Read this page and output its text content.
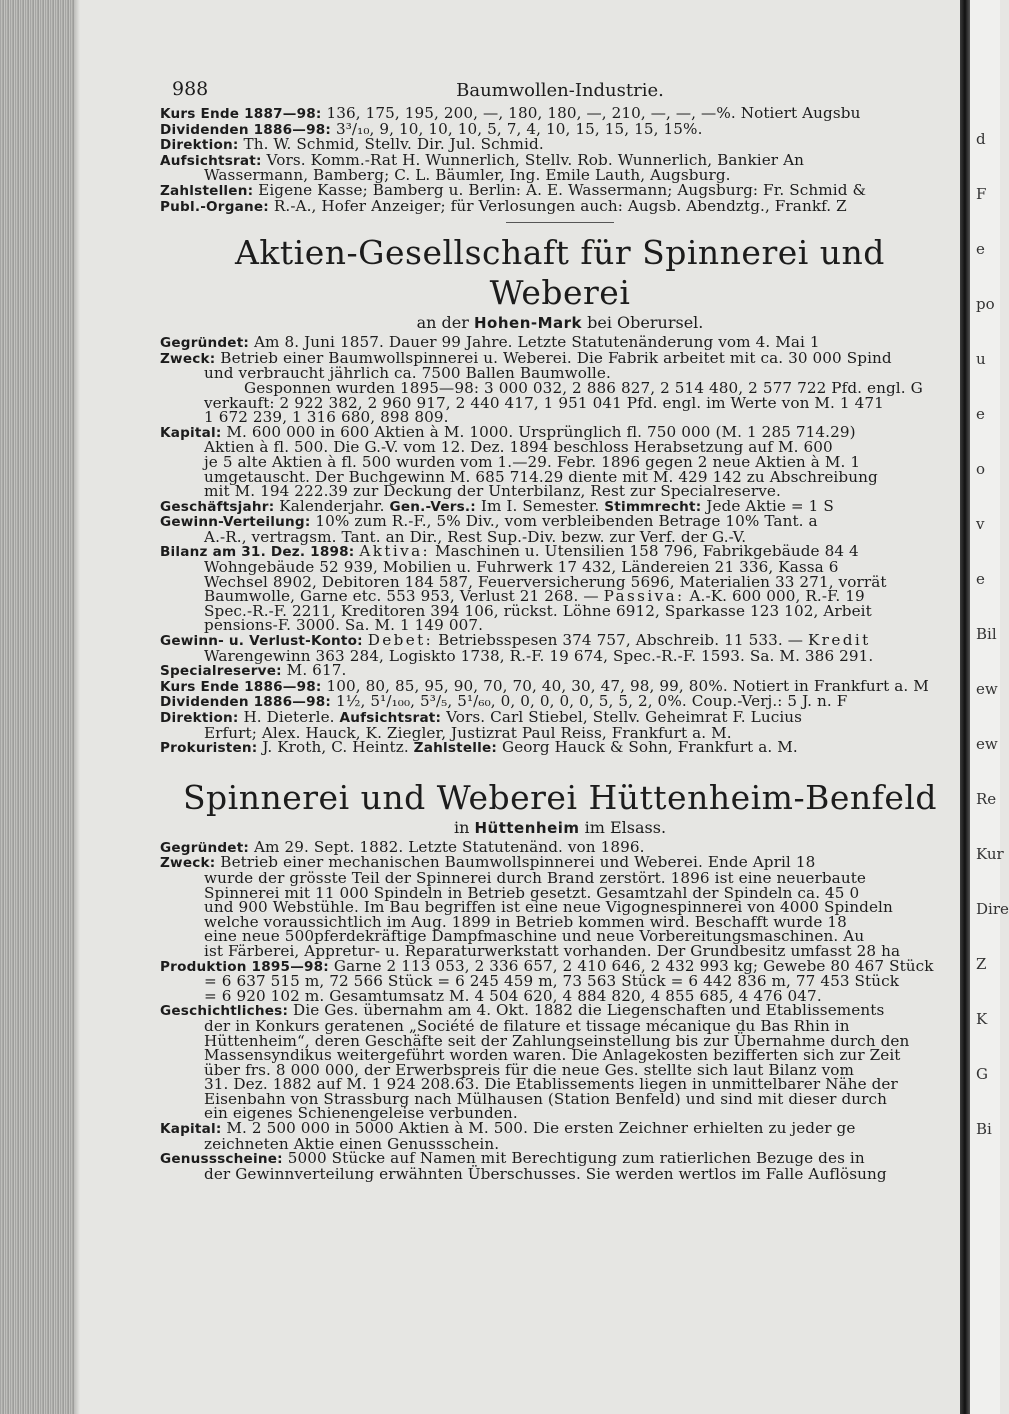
d
F
e
po
u
e
o
v
e
Bil
ew
ew
Re
Kur
Dire
Z
K
G
Bi
988	Baumwollen-Industrie.
Kurs Ende 1887—98: 136, 175, 195, 200, —, 180, 180, —, 210, —, —, —%. Notiert Augsbu
Dividenden 1886—98: 3³/₁₀, 9, 10, 10, 10, 5, 7, 4, 10, 15, 15, 15, 15%.
Direktion: Th. W. Schmid, Stellv. Dir. Jul. Schmid.
Aufsichtsrat: Vors. Komm.-Rat H. Wunnerlich, Stellv. Rob. Wunnerlich, Bankier An
Wassermann, Bamberg; C. L. Bäumler, Ing. Emile Lauth, Augsburg.
Zahlstellen: Eigene Kasse; Bamberg u. Berlin: A. E. Wassermann; Augsburg: Fr. Schmid &
Publ.-Organe: R.-A., Hofer Anzeiger; für Verlosungen auch: Augsb. Abendztg., Frankf. Z
Aktien-Gesellschaft für Spinnerei und Weberei
an der Hohen-Mark bei Oberursel.
Gegründet: Am 8. Juni 1857. Dauer 99 Jahre. Letzte Statutenänderung vom 4. Mai 1
Zweck: Betrieb einer Baumwollspinnerei u. Weberei. Die Fabrik arbeitet mit ca. 30 000 Spind
und verbraucht jährlich ca. 7500 Ballen Baumwolle.
Gesponnen wurden 1895—98: 3 000 032, 2 886 827, 2 514 480, 2 577 722 Pfd. engl. G
verkauft: 2 922 382, 2 960 917, 2 440 417, 1 951 041 Pfd. engl. im Werte von M. 1 471
1 672 239, 1 316 680, 898 809.
Kapital: M. 600 000 in 600 Aktien à M. 1000. Ursprünglich fl. 750 000 (M. 1 285 714.29)
Aktien à fl. 500. Die G.-V. vom 12. Dez. 1894 beschloss Herabsetzung auf M. 600
je 5 alte Aktien à fl. 500 wurden vom 1.—29. Febr. 1896 gegen 2 neue Aktien à M. 1
umgetauscht. Der Buchgewinn M. 685 714.29 diente mit M. 429 142 zu Abschreibung
mit M. 194 222.39 zur Deckung der Unterbilanz, Rest zur Specialreserve.
Geschäftsjahr: Kalenderjahr. Gen.-Vers.: Im I. Semester. Stimmrecht: Jede Aktie = 1 S
Gewinn-Verteilung: 10% zum R.-F., 5% Div., vom verbleibenden Betrage 10% Tant. a
A.-R., vertragsm. Tant. an Dir., Rest Sup.-Div. bezw. zur Verf. der G.-V.
Bilanz am 31. Dez. 1898: Aktiva: Maschinen u. Utensilien 158 796, Fabrikgebäude 84 4
Wohngebäude 52 939, Mobilien u. Fuhrwerk 17 432, Ländereien 21 336, Kassa 6
Wechsel 8902, Debitoren 184 587, Feuerversicherung 5696, Materialien 33 271, vorrät
Baumwolle, Garne etc. 553 953, Verlust 21 268. — Passiva: A.-K. 600 000, R.-F. 19
Spec.-R.-F. 2211, Kreditoren 394 106, rückst. Löhne 6912, Sparkasse 123 102, Arbeit
pensions-F. 3000. Sa. M. 1 149 007.
Gewinn- u. Verlust-Konto: Debet: Betriebsspesen 374 757, Abschreib. 11 533. — Kredit
Warengewinn 363 284, Logiskto 1738, R.-F. 19 674, Spec.-R.-F. 1593. Sa. M. 386 291.
Specialreserve: M. 617.
Kurs Ende 1886—98: 100, 80, 85, 95, 90, 70, 70, 40, 30, 47, 98, 99, 80%. Notiert in Frankfurt a. M
Dividenden 1886—98: 1½, 5¹/₁₀₀, 5³/₅, 5¹/₆₀, 0, 0, 0, 0, 0, 5, 5, 2, 0%. Coup.-Verj.: 5 J. n. F
Direktion: H. Dieterle. Aufsichtsrat: Vors. Carl Stiebel, Stellv. Geheimrat F. Lucius
Erfurt; Alex. Hauck, K. Ziegler, Justizrat Paul Reiss, Frankfurt a. M.
Prokuristen: J. Kroth, C. Heintz. Zahlstelle: Georg Hauck & Sohn, Frankfurt a. M.
Spinnerei und Weberei Hüttenheim-Benfeld
in Hüttenheim im Elsass.
Gegründet: Am 29. Sept. 1882. Letzte Statutenänd. von 1896.
Zweck: Betrieb einer mechanischen Baumwollspinnerei und Weberei. Ende April 18
wurde der grösste Teil der Spinnerei durch Brand zerstört. 1896 ist eine neuerbaute
Spinnerei mit 11 000 Spindeln in Betrieb gesetzt. Gesamtzahl der Spindeln ca. 45 0
und 900 Webstühle. Im Bau begriffen ist eine neue Vigognespinnerei von 4000 Spindeln
welche voraussichtlich im Aug. 1899 in Betrieb kommen wird. Beschafft wurde 18
eine neue 500pferdekräftige Dampfmaschine und neue Vorbereitungsmaschinen. Au
ist Färberei, Appretur- u. Reparaturwerkstatt vorhanden. Der Grundbesitz umfasst 28 ha
Produktion 1895—98: Garne 2 113 053, 2 336 657, 2 410 646, 2 432 993 kg; Gewebe 80 467 Stück
= 6 637 515 m, 72 566 Stück = 6 245 459 m, 73 563 Stück = 6 442 836 m, 77 453 Stück
= 6 920 102 m. Gesamtumsatz M. 4 504 620, 4 884 820, 4 855 685, 4 476 047.
Geschichtliches: Die Ges. übernahm am 4. Okt. 1882 die Liegenschaften und Etablissements
der in Konkurs geratenen „Société de filature et tissage mécanique du Bas Rhin in
Hüttenheim“, deren Geschäfte seit der Zahlungseinstellung bis zur Übernahme durch den
Massensyndikus weitergeführt worden waren. Die Anlagekosten bezifferten sich zur Zeit
über frs. 8 000 000, der Erwerbspreis für die neue Ges. stellte sich laut Bilanz vom
31. Dez. 1882 auf M. 1 924 208.63. Die Etablissements liegen in unmittelbarer Nähe der
Eisenbahn von Strassburg nach Mülhausen (Station Benfeld) und sind mit dieser durch
ein eigenes Schienengeleise verbunden.
Kapital: M. 2 500 000 in 5000 Aktien à M. 500. Die ersten Zeichner erhielten zu jeder ge
zeichneten Aktie einen Genussschein.
Genussscheine: 5000 Stücke auf Namen mit Berechtigung zum ratierlichen Bezuge des in
der Gewinnverteilung erwähnten Überschusses. Sie werden wertlos im Falle Auflösung
